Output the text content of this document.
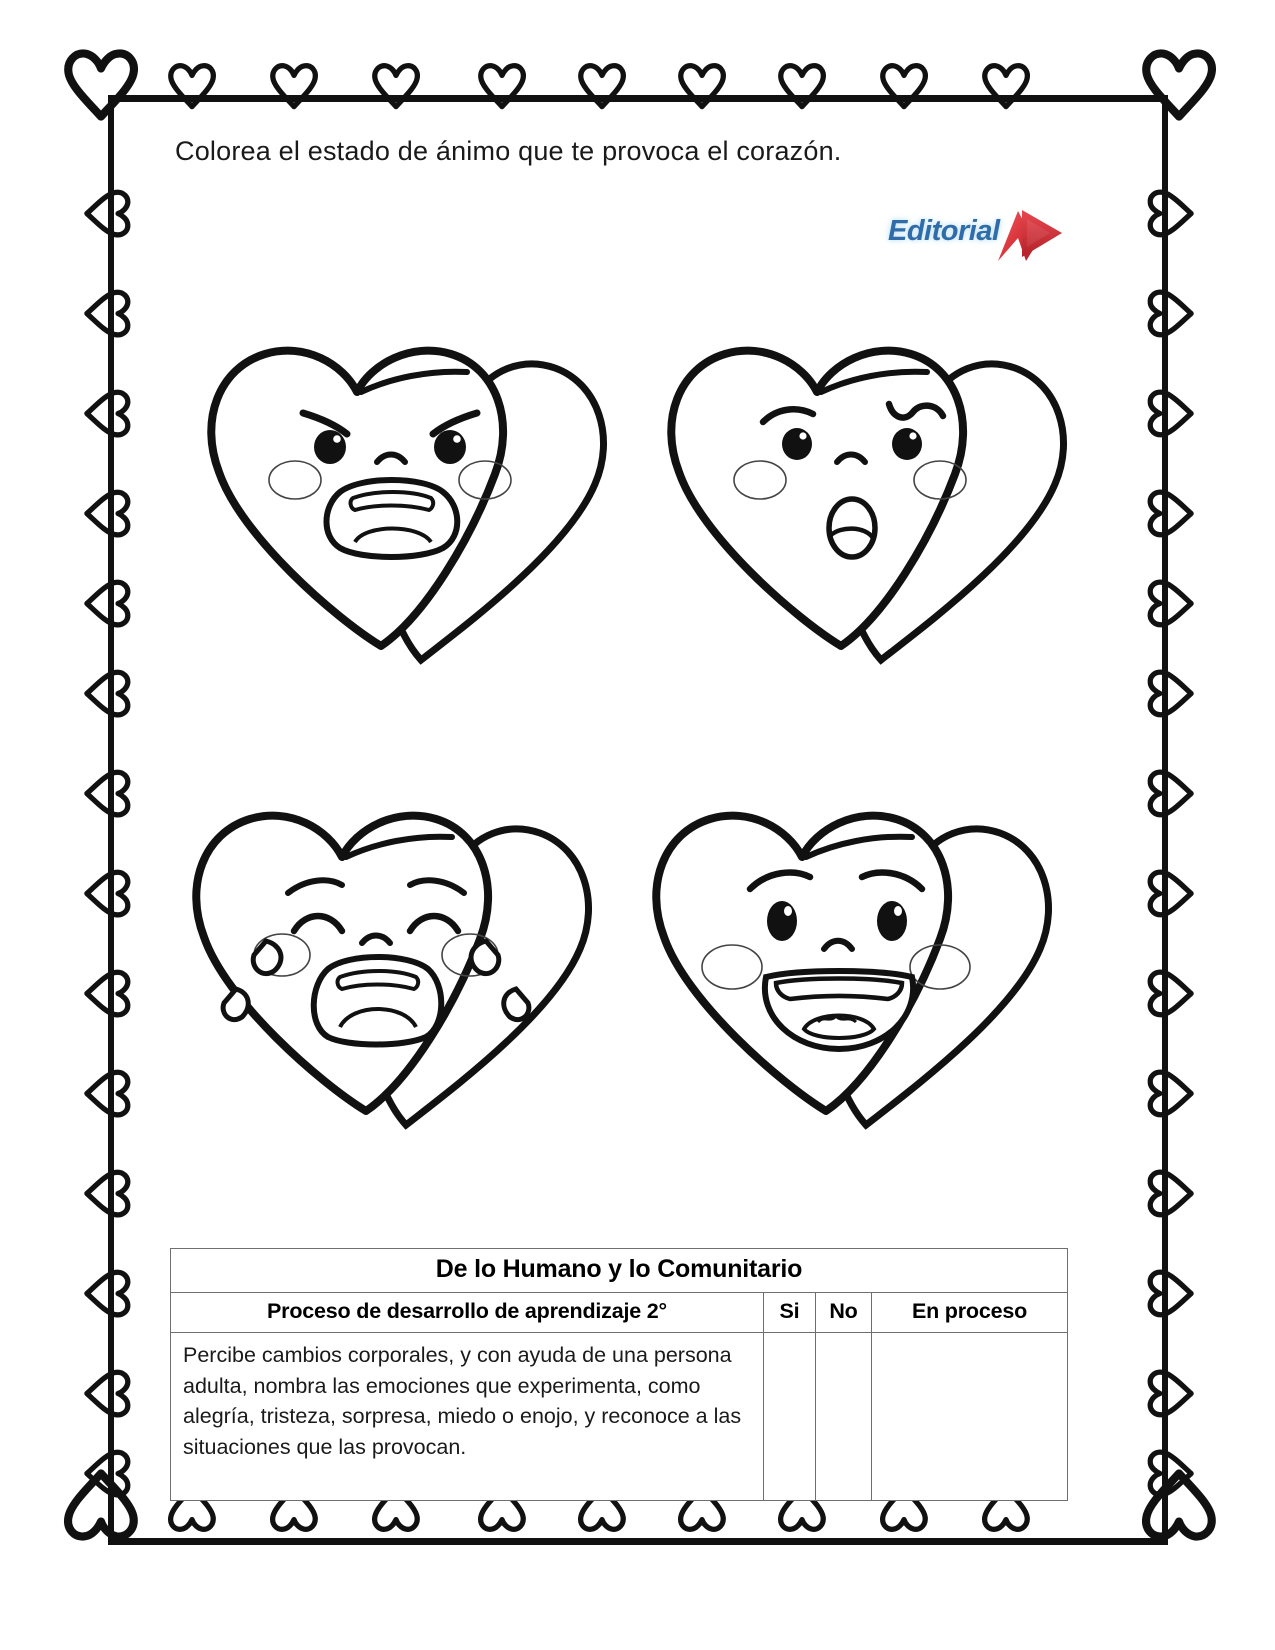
Colorea el estado de ánimo que te provoca el corazón.
Editorial
De lo Humano y lo Comunitario			
Proceso de desarrollo de aprendizaje 2°	Si	No	En proceso
Percibe cambios corporales, y con ayuda de una persona adulta, nombra las emociones que experimenta, como alegría, tristeza, sorpresa, miedo o enojo, y reconoce a las situaciones que las provocan.			
